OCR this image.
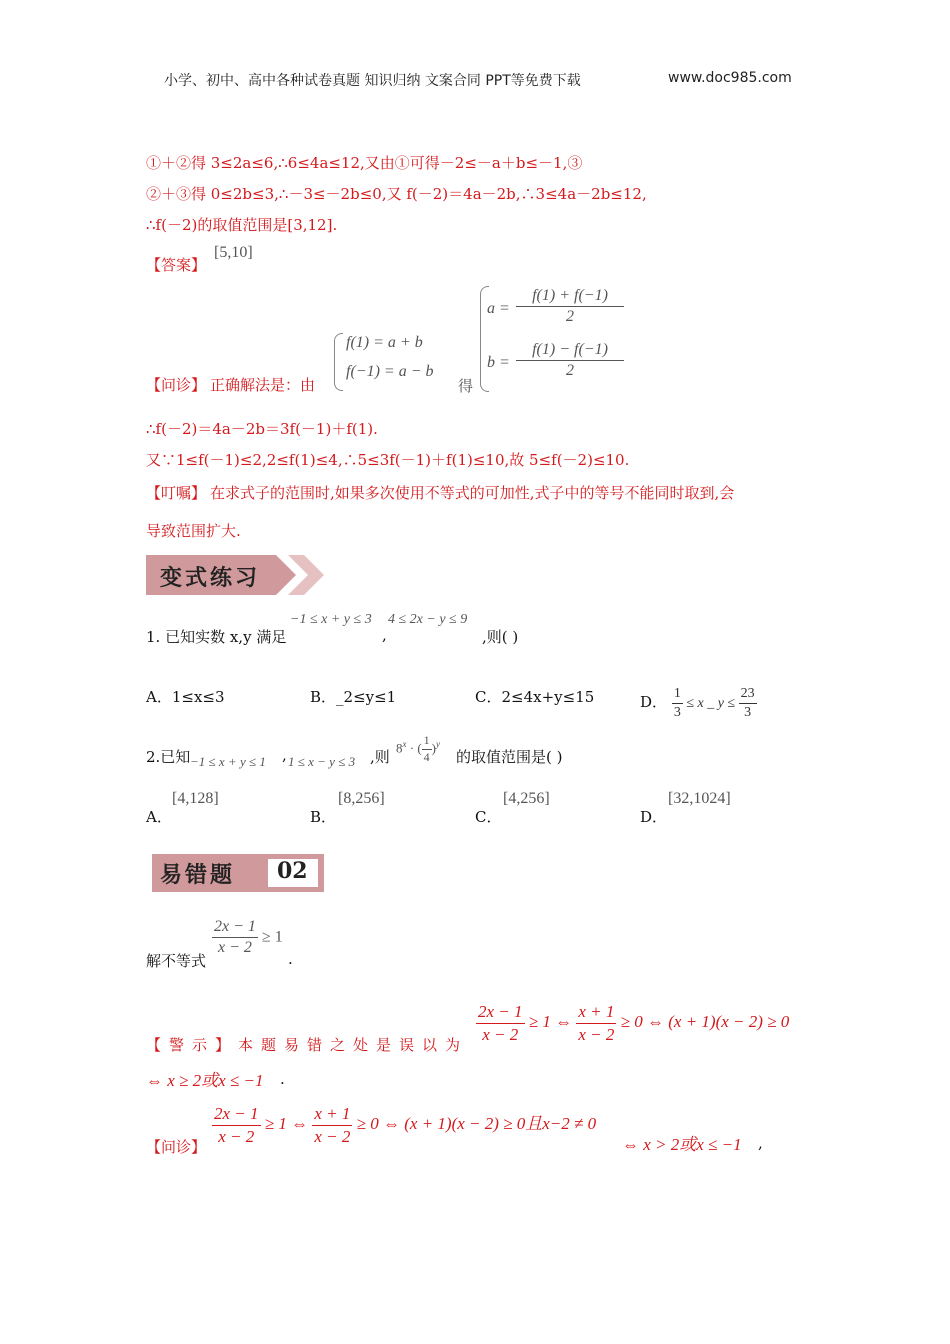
小学、初中、高中各种试卷真题 知识归纳 文案合同 PPT等免费下载	www.doc985.com
①＋②得 3≤2a≤6,∴6≤4a≤12,又由①可得－2≤－a＋b≤－1,③
②＋③得 0≤2b≤3,∴－3≤－2b≤0,又 f(－2)＝4a－2b,∴3≤4a－2b≤12,
∴f(－2)的取值范围是[3,12].
【答案】
[5,10]
【问诊】 正确解法是：由
f(1) = a + b
f(−1) = a − b
得
$a = \frac{f(1) + f(-1)}{2}$
$b = \frac{f(1) - f(-1)}{2}$
∴f(－2)＝4a－2b＝3f(－1)＋f(1).
又∵1≤f(－1)≤2,2≤f(1)≤4,∴5≤3f(－1)＋f(1)≤10,故 5≤f(－2)≤10.
【叮嘱】 在求式子的范围时,如果多次使用不等式的可加性,式子中的等号不能同时取到,会
导致范围扩大.
变式练习
1. 已知实数 x,y 满足
−1 ≤ x + y ≤ 3
,
4 ≤ 2x − y ≤ 9
,则( )
A．1≤x≤3	B．_2≤y≤1	C．2≤4x+y≤15	D． $\frac{1}{3} \le x$ _ $y \le \frac{23}{3}$
2.已知 −1 ≤ x + y ≤ 1 , 1 ≤ x − y ≤ 3 ,则
$8^x$ · ( $\frac{1}{4} )^y$
的取值范围是( )
A．
[4,128]
B．
[8,256]
C．
[4,256]
D．
[32,1024]
易错题 02
解不等式
$\frac{2x - 1}{x - 2} \ge 1$
.
【警示】 本题易错之处是误以为
$\frac{2x - 1}{x - 2} \ge 1$ ⇔ $\frac{x + 1}{x - 2} \ge 0$ ⇔ (x + 1)(x − 2) ≥ 0
⇔ x ≥ 2或x ≤ −1 .
【问诊】
$\frac{2x - 1}{x - 2} \ge 1$ ⇔ $\frac{x + 1}{x - 2} \ge 0$ ⇔ (x + 1)(x − 2) ≥ 0且x−2 ≠ 0
⇔ x > 2或x ≤ −1 ,
